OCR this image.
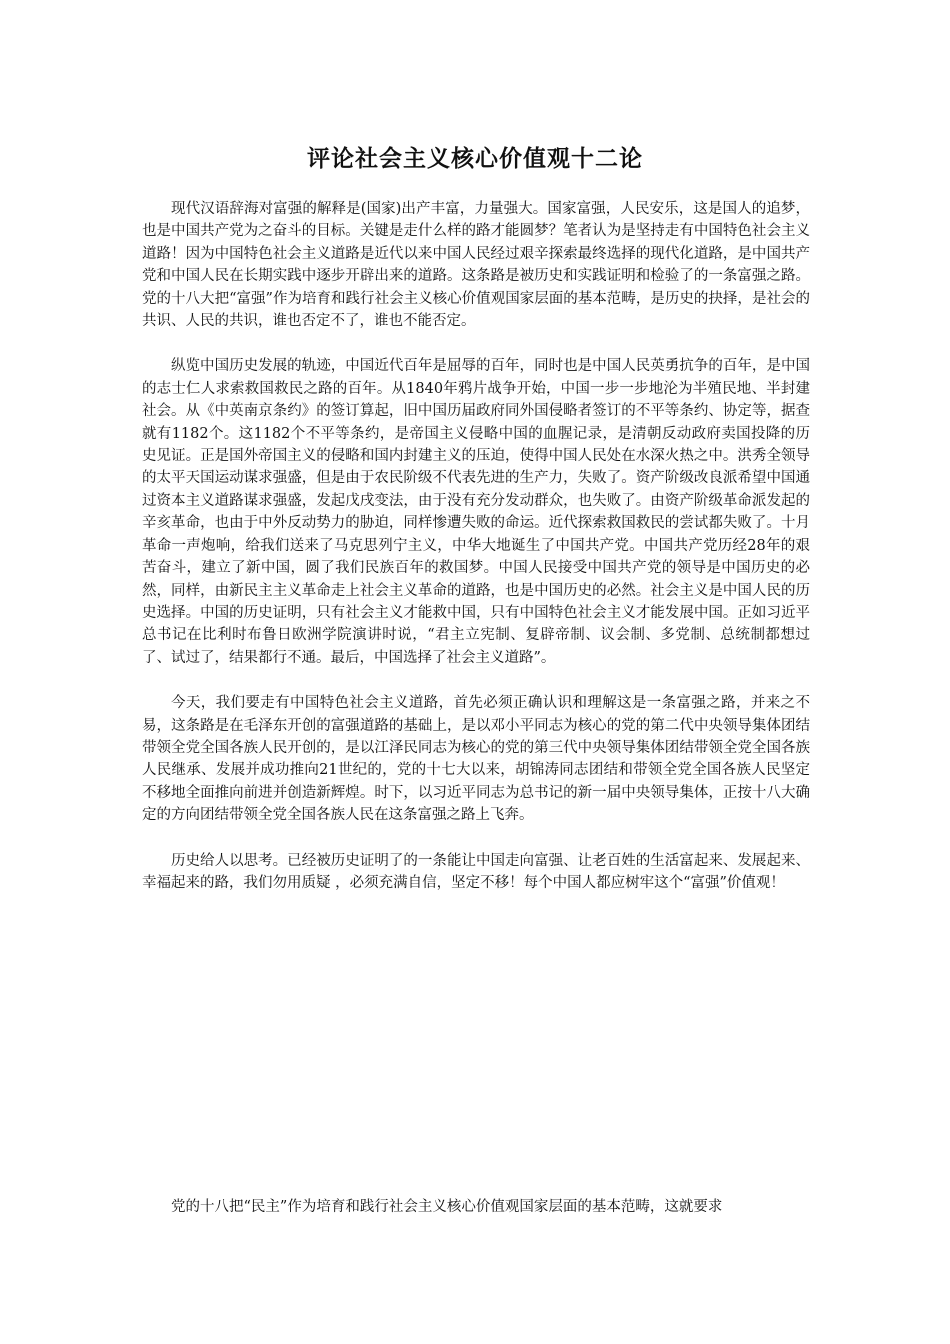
评论社会主义核心价值观十二论

现代汉语辞海对富强的解释是(国家)出产丰富，力量强大。国家富强，人民安乐，这是国人的追梦，也是中国共产党为之奋斗的目标。关键是走什么样的路才能圆梦？笔者认为是坚持走有中国特色社会主义道路！因为中国特色社会主义道路是近代以来中国人民经过艰辛探索最终选择的现代化道路，是中国共产党和中国人民在长期实践中逐步开辟出来的道路。这条路是被历史和实践证明和检验了的一条富强之路。党的十八大把“富强”作为培育和践行社会主义核心价值观国家层面的基本范畴，是历史的抉择，是社会的共识、人民的共识，谁也否定不了，谁也不能否定。

纵览中国历史发展的轨迹，中国近代百年是屈辱的百年，同时也是中国人民英勇抗争的百年，是中国的志士仁人求索救国救民之路的百年。从1840年鸦片战争开始，中国一步一步地沦为半殖民地、半封建社会。从《中英南京条约》的签订算起，旧中国历届政府同外国侵略者签订的不平等条约、协定等，据查就有1182个。这1182个不平等条约，是帝国主义侵略中国的血腥记录，是清朝反动政府卖国投降的历史见证。正是国外帝国主义的侵略和国内封建主义的压迫，使得中国人民处在水深火热之中。洪秀全领导的太平天国运动谋求强盛，但是由于农民阶级不代表先进的生产力，失败了。资产阶级改良派希望中国通过资本主义道路谋求强盛，发起戊戌变法，由于没有充分发动群众，也失败了。由资产阶级革命派发起的辛亥革命，也由于中外反动势力的胁迫，同样惨遭失败的命运。近代探索救国救民的尝试都失败了。十月革命一声炮响，给我们送来了马克思列宁主义，中华大地诞生了中国共产党。中国共产党历经28年的艰苦奋斗，建立了新中国，圆了我们民族百年的救国梦。中国人民接受中国共产党的领导是中国历史的必然，同样，由新民主主义革命走上社会主义革命的道路，也是中国历史的必然。社会主义是中国人民的历史选择。中国的历史证明，只有社会主义才能救中国，只有中国特色社会主义才能发展中国。正如习近平总书记在比利时布鲁日欧洲学院演讲时说，“君主立宪制、复辟帝制、议会制、多党制、总统制都想过了、试过了，结果都行不通。最后，中国选择了社会主义道路”。

今天，我们要走有中国特色社会主义道路，首先必须正确认识和理解这是一条富强之路，并来之不易，这条路是在毛泽东开创的富强道路的基础上，是以邓小平同志为核心的党的第二代中央领导集体团结带领全党全国各族人民开创的，是以江泽民同志为核心的党的第三代中央领导集体团结带领全党全国各族人民继承、发展并成功推向21世纪的，党的十七大以来，胡锦涛同志团结和带领全党全国各族人民坚定不移地全面推向前进并创造新辉煌。时下，以习近平同志为总书记的新一届中央领导集体，正按十八大确定的方向团结带领全党全国各族人民在这条富强之路上飞奔。

历史给人以思考。已经被历史证明了的一条能让中国走向富强、让老百姓的生活富起来、发展起来、幸福起来的路，我们勿用质疑 ，必须充满自信，坚定不移！每个中国人都应树牢这个“富强”价值观！

党的十八把“民主”作为培育和践行社会主义核心价值观国家层面的基本范畴，这就要求
